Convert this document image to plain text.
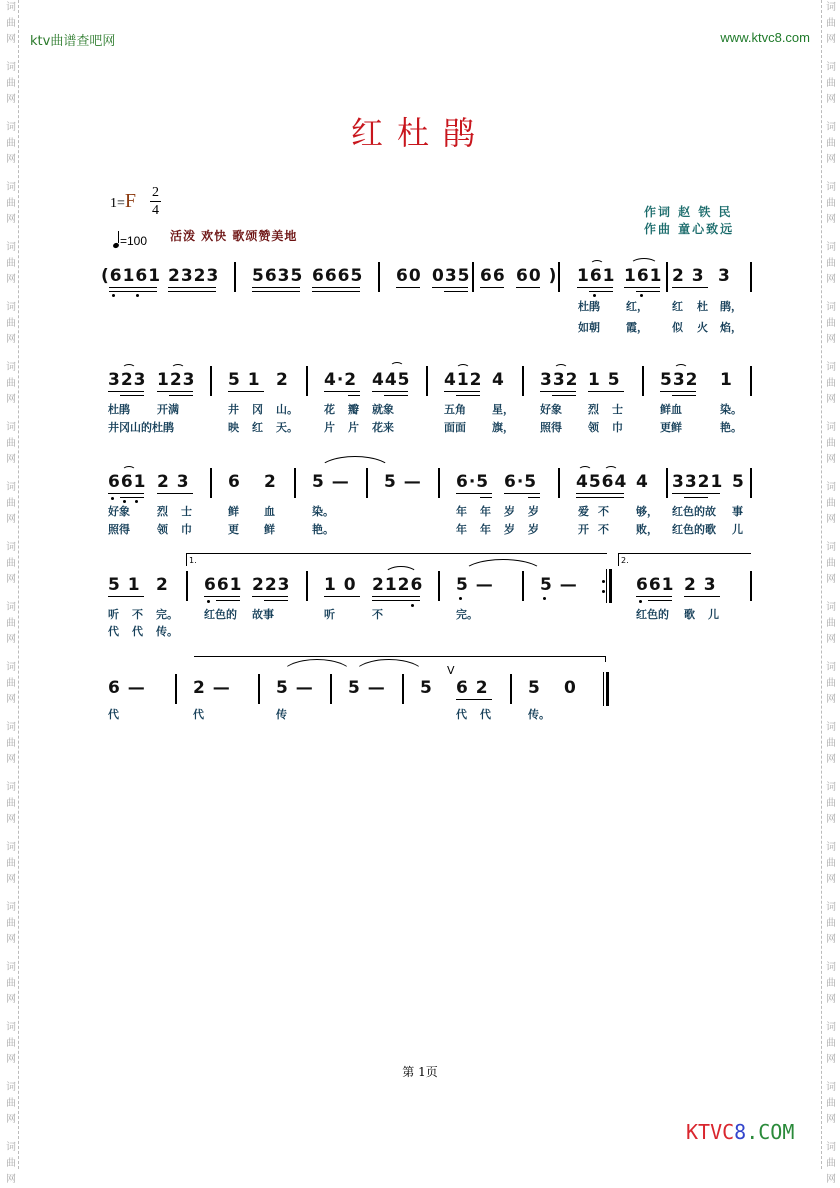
词
曲
网
词
曲
网
词
曲
网
词
曲
网
词
曲
网
词
曲
网
词
曲
网
词
曲
网
词
曲
网
词
曲
网
词
曲
网
词
曲
网
词
曲
网
词
曲
网
词
曲
网
词
曲
网
词
曲
网
词
曲
网
词
曲
网
词
曲
网
词
曲
网
词
曲
网
词
曲
网
词
曲
网
词
曲
网
词
曲
网
词
曲
网
词
曲
网
词
曲
网
词
曲
网
词
曲
网
词
曲
网
词
曲
网
词
曲
网
词
曲
网
词
曲
网
词
曲
网
词
曲
网
词
曲
网
词
曲
网
ktv曲谱查吧网	www.ktvc8.com
红杜鹃
1=F 2
4
=100 活泼 欢快 歌颂赞美地
作词 赵 铁 民
作曲 童心致远
(6161 2323 5635 6665 60 035 66 60 ) 161 161 2 3 3
杜鹃 红， 红 杜 鹃，
如朝 霞， 似 火 焰，
323 123 5 1 2 4·2 445 412 4 332 1 5 532 1
杜鹃 开满	井 冈 山。 花 瓣 就象	五角 星， 好象 烈 士	鲜血	染。
井冈山的杜鹃	映 红 天。 片 片 花来	面面 旗， 照得 领 巾	更鲜	艳。
661 2 3 6 2 5 — 5 — 6·5 6·5 4564 4 3321 5
好象 烈 士	鲜 血	染。	年 年 岁 岁	爱 不 够， 红色的故 事
照得 领 巾	更 鲜	艳。	年 年 岁 岁	开 不 败， 红色的歌 儿
1.	2.
5 1 2 661 223 1 0 2126 5 —	5 —	661 2 3
听 不 完。 红色的 故事	听	不	完。	红色的 歌 儿
代 代 传。
6 —	2 —	5 — 5 — 5
V
6 2 5 0
代	代	传	代 代	传。
第 1页
KTVC8.COM
